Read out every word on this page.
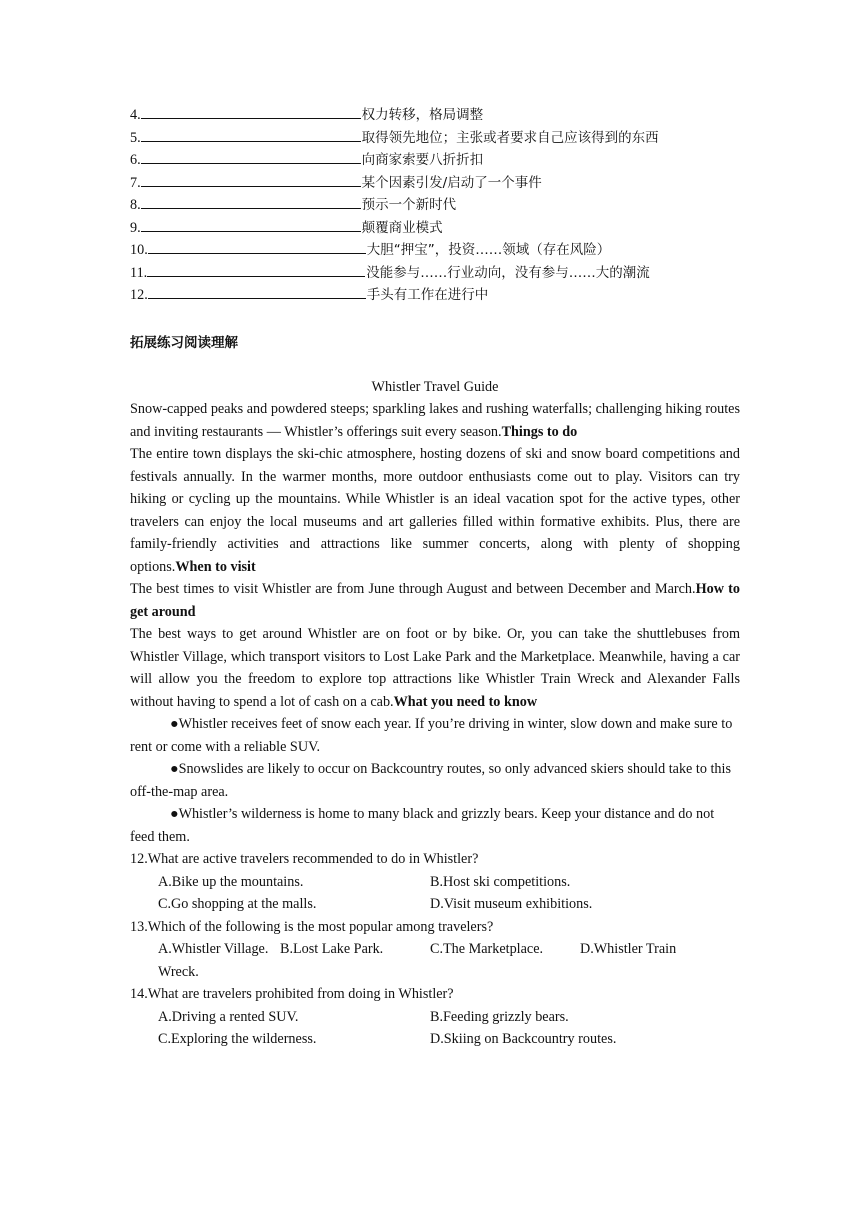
4.	权力转移，格局调整
5.	取得领先地位；主张或者要求自己应该得到的东西
6.	向商家索要八折折扣
7.	某个因素引发/启动了一个事件
8.	预示一个新时代
9.	颠覆商业模式
10.	大胆“押宝”，投资……领域（存在风险）
11.	没能参与……行业动向，没有参与……大的潮流
12.	手头有工作在进行中
拓展练习阅读理解
Whistler Travel Guide
Snow-capped peaks and powdered steeps; sparkling lakes and rushing waterfalls; challenging hiking routes and inviting restaurants — Whistler’s offerings suit every season.Things to do
The entire town displays the ski-chic atmosphere, hosting dozens of ski and snow board competitions and festivals annually. In the warmer months, more outdoor enthusiasts come out to play. Visitors can try hiking or cycling up the mountains. While Whistler is an ideal vacation spot for the active types, other travelers can enjoy the local museums and art galleries filled within formative exhibits. Plus, there are family-friendly activities and attractions like summer concerts, along with plenty of shopping options.When to visit
The best times to visit Whistler are from June through August and between December and March.How to get around
The best ways to get around Whistler are on foot or by bike. Or, you can take the shuttlebuses from Whistler Village, which transport visitors to Lost Lake Park and the Marketplace. Meanwhile, having a car will allow you the freedom to explore top attractions like Whistler Train Wreck and Alexander Falls without having to spend a lot of cash on a cab.What you need to know
●Whistler receives feet of snow each year. If you’re driving in winter, slow down and make sure to rent or come with a reliable SUV.
●Snowslides are likely to occur on Backcountry routes, so only advanced skiers should take to this off-the-map area.
●Whistler’s wilderness is home to many black and grizzly bears. Keep your distance and do not feed them.
12.What are active travelers recommended to do in Whistler?
A.Bike up the mountains.	B.Host ski competitions.
C.Go shopping at the malls.	D.Visit museum exhibitions.
13.Which of the following is the most popular among travelers?
A.Whistler Village. B.Lost Lake Park.	C.The Marketplace.	D.Whistler Train
Wreck.
14.What are travelers prohibited from doing in Whistler?
A.Driving a rented SUV.	B.Feeding grizzly bears.
C.Exploring the wilderness.	D.Skiing on Backcountry routes.
